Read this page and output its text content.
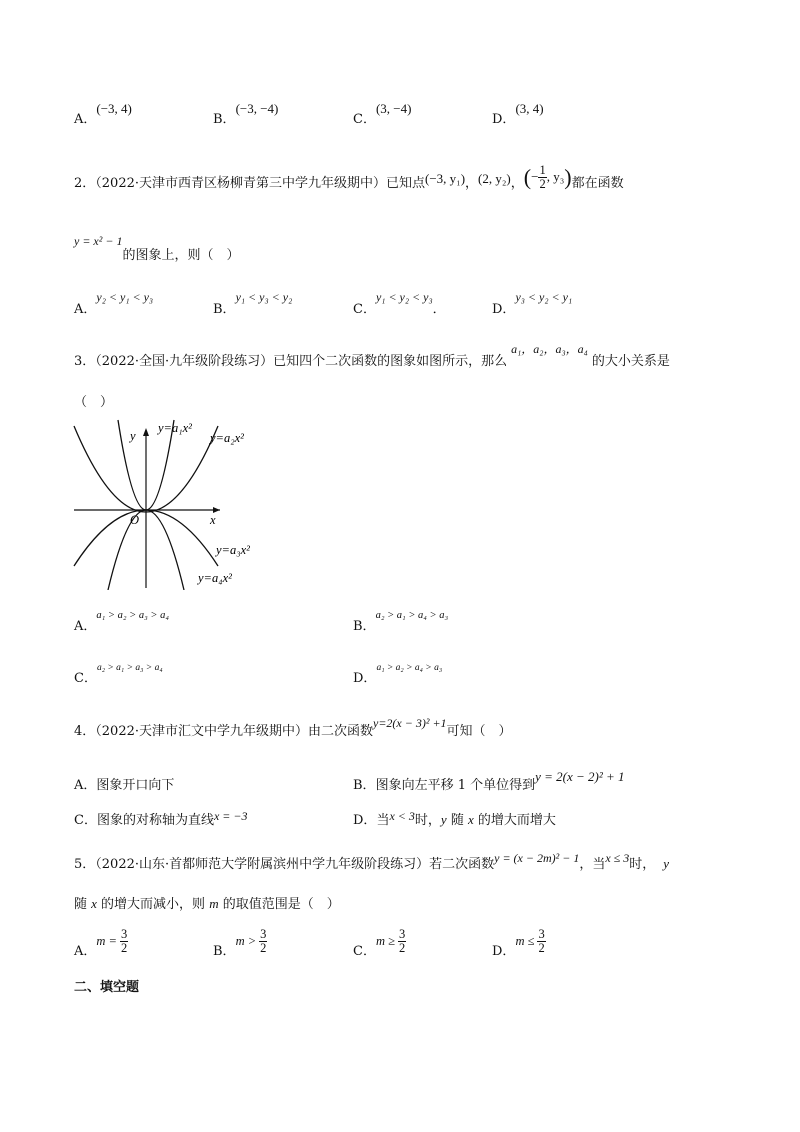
A．(−3, 4)
B．(−3, −4)
C．(3, −4)
D．(3, 4)
2．（2022·天津市西青区杨柳青第三中学九年级期中）已知点(−3, y₁)，(2, y₂)，(− $\frac{1}{2}$ , y₃)都在函数
y = x² − 1的图象上，则（　）
A．y₂ < y₁ < y₃
B．y₁ < y₃ < y₂
C．y₁ < y₂ < y₃．	D．y₃ < y₂ < y₁
3．（2022·全国·九年级阶段练习）已知四个二次函数的图象如图所示，那么a₁，a₂，a₃，a₄的大小关系是
（　）
y
x
O
y=a₁x²
y=a₂x²
y=a₃x²
y=a₄x²
A．$^{a_1 > a_2 > a_3 > a_4}$
B．$^{a_2 > a_1 > a_4 > a_3}$
C．$^{a_2 > a_1 > a_3 > a_4}$
D．$^{a_1 > a_2 > a_4 > a_3}$
4．（2022·天津市汇文中学九年级期中）由二次函数y=2(x − 3)² +1可知（　）
A．图象开口向下	B．图象向左平移 1 个单位得到y = 2(x − 2)² + 1
C．图象的对称轴为直线x = −3	D．当x < 3时，y 随 x 的增大而增大
5．（2022·山东·首都师范大学附属滨州中学九年级阶段练习）若二次函数y = (x − 2m)² − 1，当x ≤ 3时， y
随 x 的增大而减小，则 m 的取值范围是（　）
A．$m = \frac{3}{2}$	B．$m > \frac{3}{2}$	C．$m \ge \frac{3}{2}$	D．$m \le \frac{3}{2}$
二、填空题
